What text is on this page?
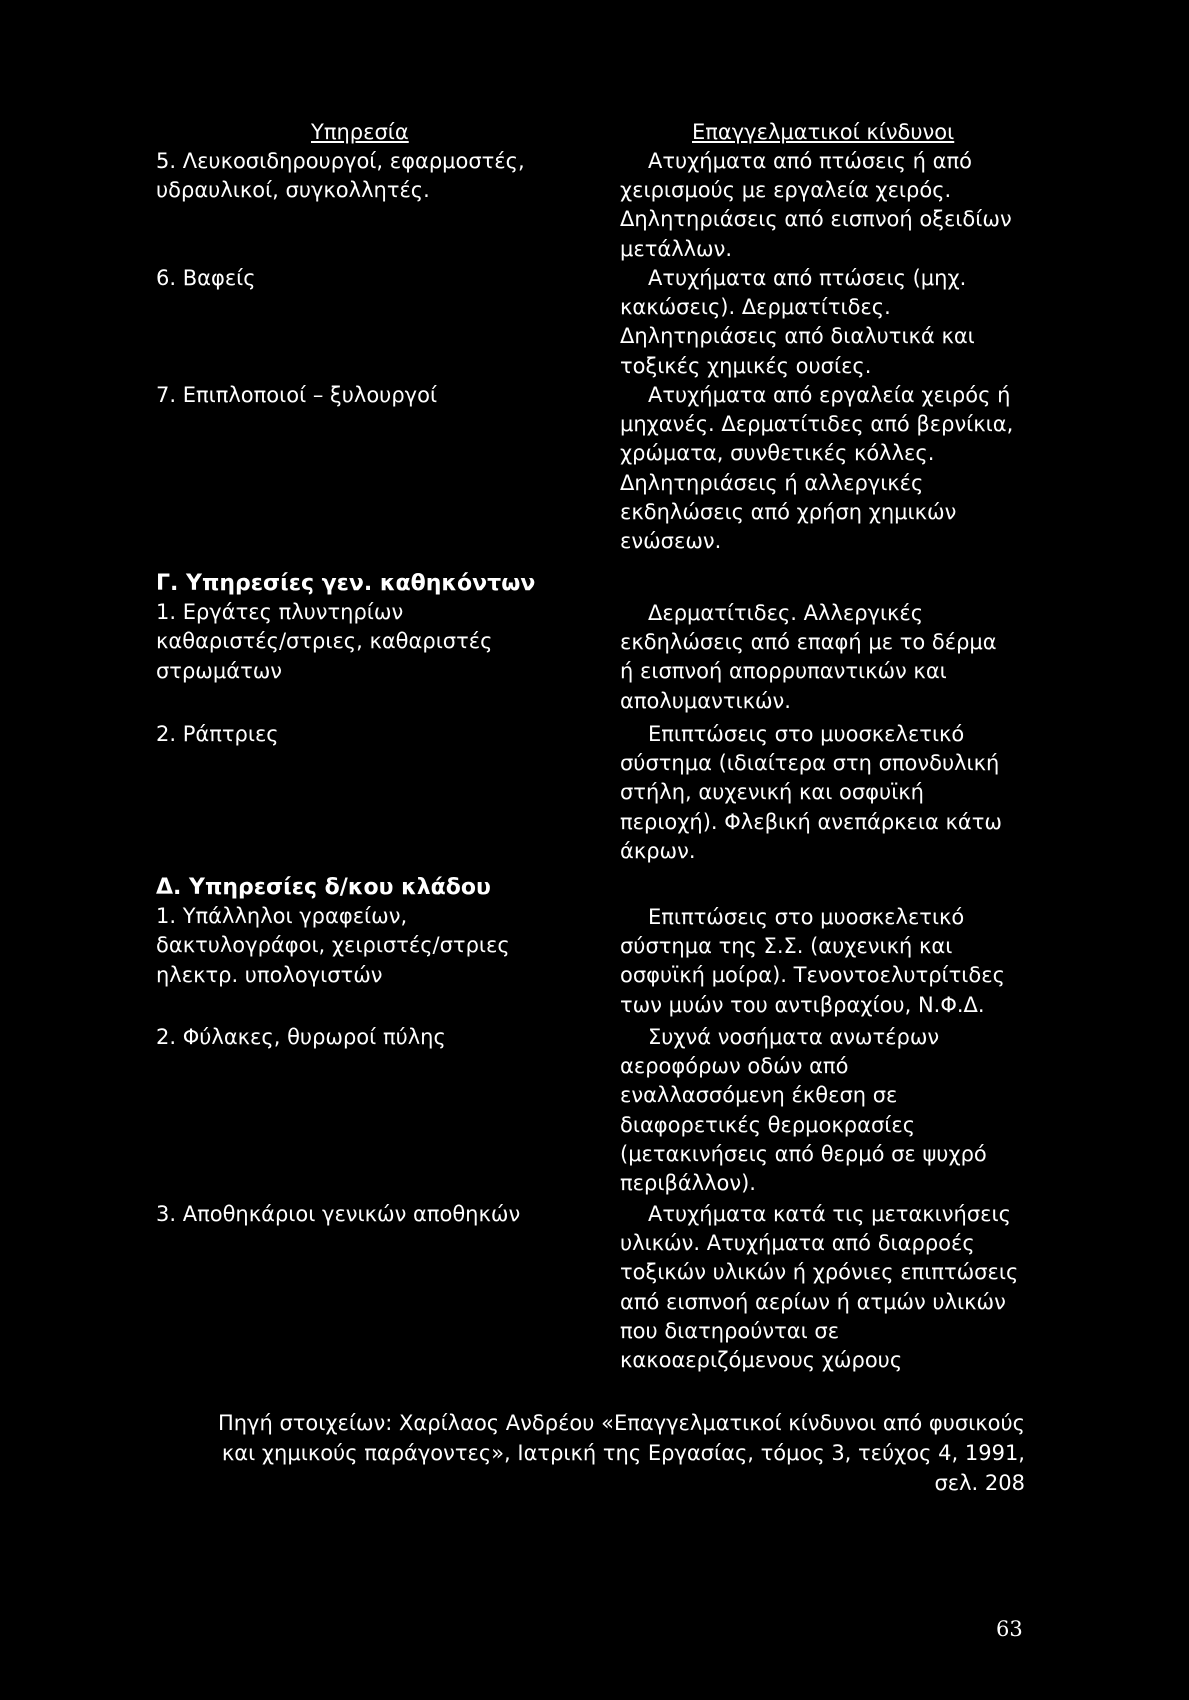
Υπηρεσία
5. Λευκοσιδηρουργοί, εφαρμοστές,
υδραυλικοί, συγκολλητές.
6. Βαφείς
7. Επιπλοποιοί – ξυλουργοί
Γ. Υπηρεσίες γεν. καθηκόντων
1. Εργάτες πλυντηρίων
καθαριστές/στριες, καθαριστές
στρωμάτων
2. Ράπτριες
Δ. Υπηρεσίες δ/κου κλάδου
1. Υπάλληλοι γραφείων,
δακτυλογράφοι, χειριστές/στριες
ηλεκτρ. υπολογιστών
2. Φύλακες, θυρωροί πύλης
3. Αποθηκάριοι γενικών αποθηκών
Επαγγελματικοί κίνδυνοι
Ατυχήματα από πτώσεις ή από
χειρισμούς με εργαλεία χειρός.
Δηλητηριάσεις από εισπνοή οξειδίων
μετάλλων.
Ατυχήματα από πτώσεις (μηχ.
κακώσεις). Δερματίτιδες.
Δηλητηριάσεις από διαλυτικά και
τοξικές χημικές ουσίες.
Ατυχήματα από εργαλεία χειρός ή
μηχανές. Δερματίτιδες από βερνίκια,
χρώματα, συνθετικές κόλλες.
Δηλητηριάσεις ή αλλεργικές
εκδηλώσεις από χρήση χημικών
ενώσεων.
Δερματίτιδες. Αλλεργικές
εκδηλώσεις από επαφή με το δέρμα
ή εισπνοή απορρυπαντικών και
απολυμαντικών.
Επιπτώσεις στο μυοσκελετικό
σύστημα (ιδιαίτερα στη σπονδυλική
στήλη, αυχενική και οσφυϊκή
περιοχή). Φλεβική ανεπάρκεια κάτω
άκρων.
Επιπτώσεις στο μυοσκελετικό
σύστημα της Σ.Σ. (αυχενική και
οσφυϊκή μοίρα). Τενοντοελυτρίτιδες
των μυών του αντιβραχίου, Ν.Φ.Δ.
Συχνά νοσήματα ανωτέρων
αεροφόρων οδών από
εναλλασσόμενη έκθεση σε
διαφορετικές θερμοκρασίες
(μετακινήσεις από θερμό σε ψυχρό
περιβάλλον).
Ατυχήματα κατά τις μετακινήσεις
υλικών. Ατυχήματα από διαρροές
τοξικών υλικών ή χρόνιες επιπτώσεις
από εισπνοή αερίων ή ατμών υλικών
που διατηρούνται σε
κακοαεριζόμενους χώρους
Πηγή στοιχείων: Χαρίλαος Ανδρέου «Επαγγελματικοί κίνδυνοι από φυσικούς
και χημικούς παράγοντες», Ιατρική της Εργασίας, τόμος 3, τεύχος 4, 1991,
σελ. 208
63
